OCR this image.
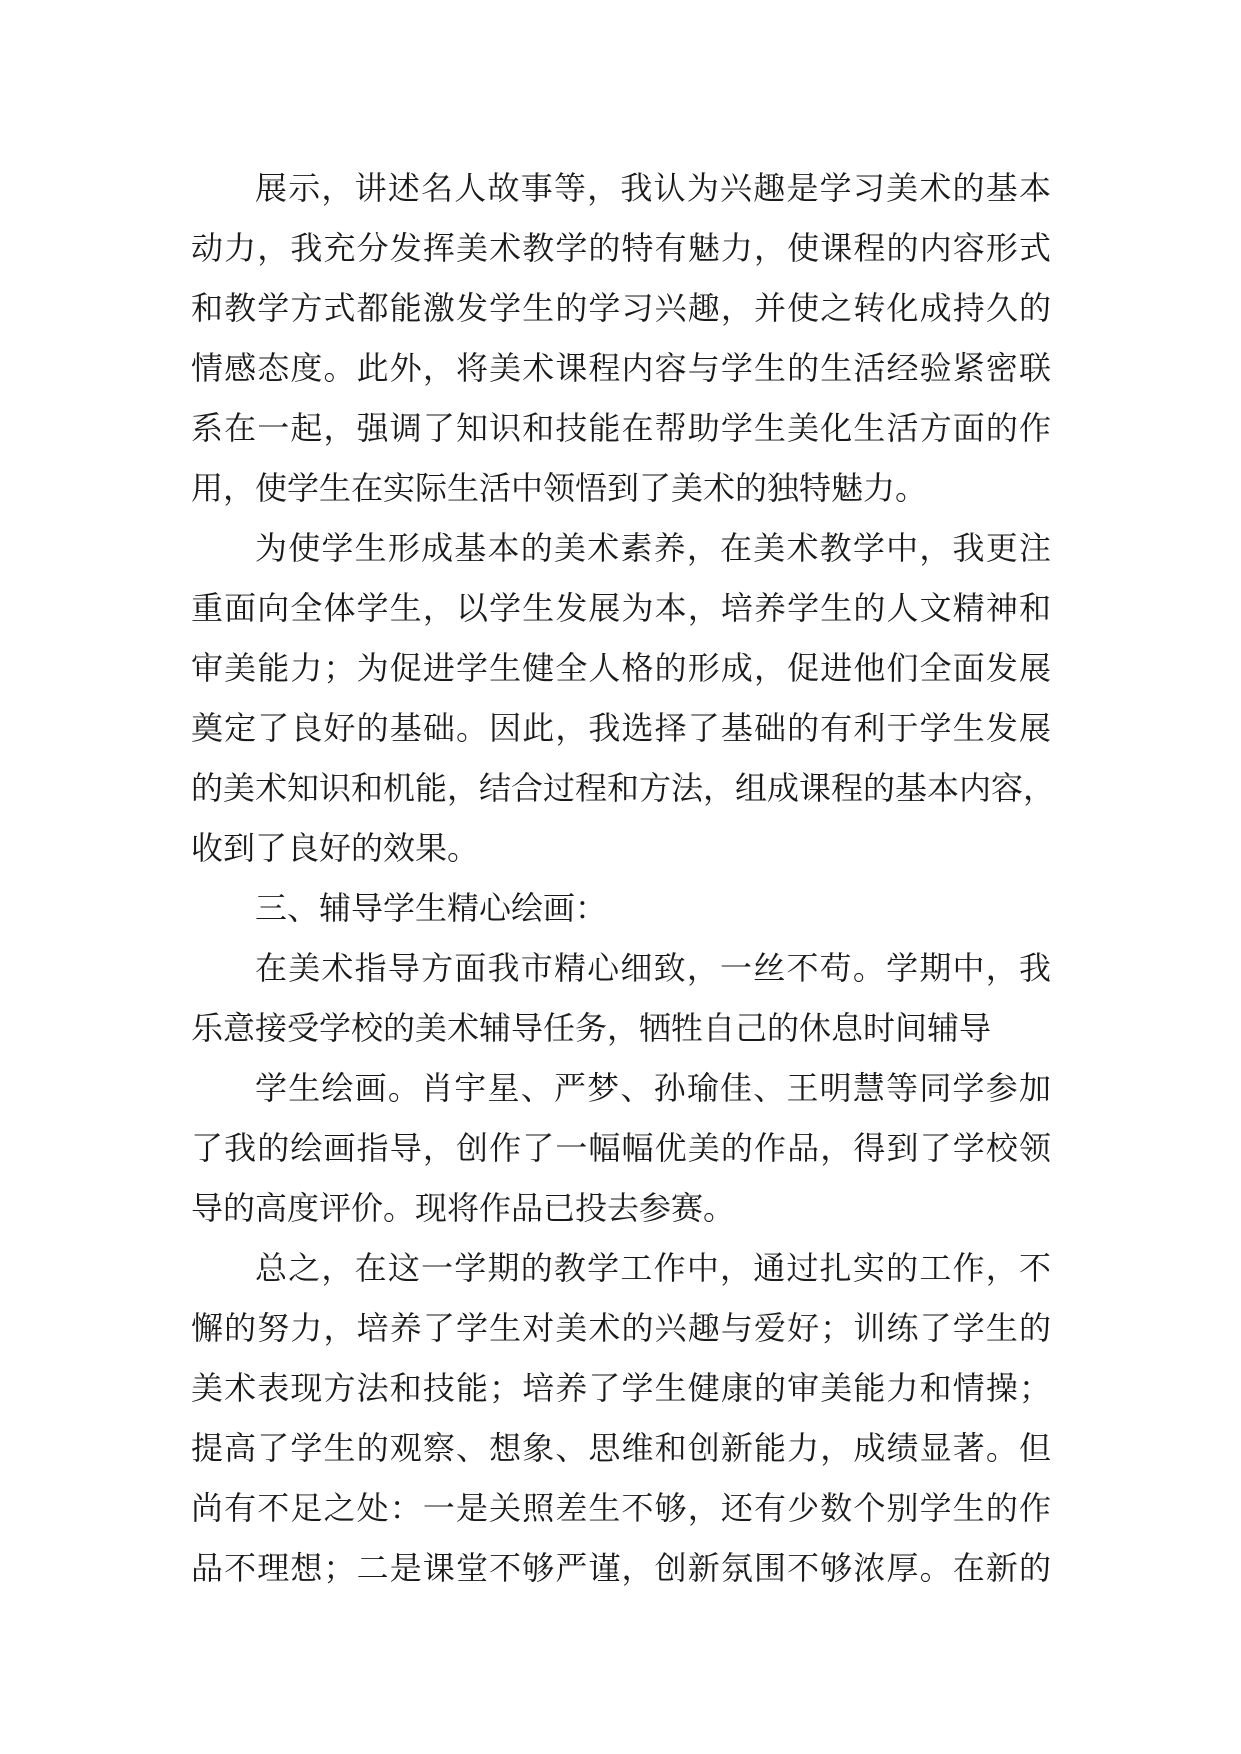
展示，讲述名人故事等，我认为兴趣是学习美术的基本
动力，我充分发挥美术教学的特有魅力，使课程的内容形式
和教学方式都能激发学生的学习兴趣，并使之转化成持久的
情感态度。此外，将美术课程内容与学生的生活经验紧密联
系在一起，强调了知识和技能在帮助学生美化生活方面的作
用，使学生在实际生活中领悟到了美术的独特魅力。
为使学生形成基本的美术素养，在美术教学中，我更注
重面向全体学生，以学生发展为本，培养学生的人文精神和
审美能力；为促进学生健全人格的形成，促进他们全面发展
奠定了良好的基础。因此，我选择了基础的有利于学生发展
的美术知识和机能，结合过程和方法，组成课程的基本内容，
收到了良好的效果。
三、辅导学生精心绘画：
在美术指导方面我市精心细致，一丝不苟。学期中，我
乐意接受学校的美术辅导任务，牺牲自己的休息时间辅导
学生绘画。肖宇星、严梦、孙瑜佳、王明慧等同学参加
了我的绘画指导，创作了一幅幅优美的作品，得到了学校领
导的高度评价。现将作品已投去参赛。
总之，在这一学期的教学工作中，通过扎实的工作，不
懈的努力，培养了学生对美术的兴趣与爱好；训练了学生的
美术表现方法和技能；培养了学生健康的审美能力和情操；
提高了学生的观察、想象、思维和创新能力，成绩显著。但
尚有不足之处：一是关照差生不够，还有少数个别学生的作
品不理想；二是课堂不够严谨，创新氛围不够浓厚。在新的
